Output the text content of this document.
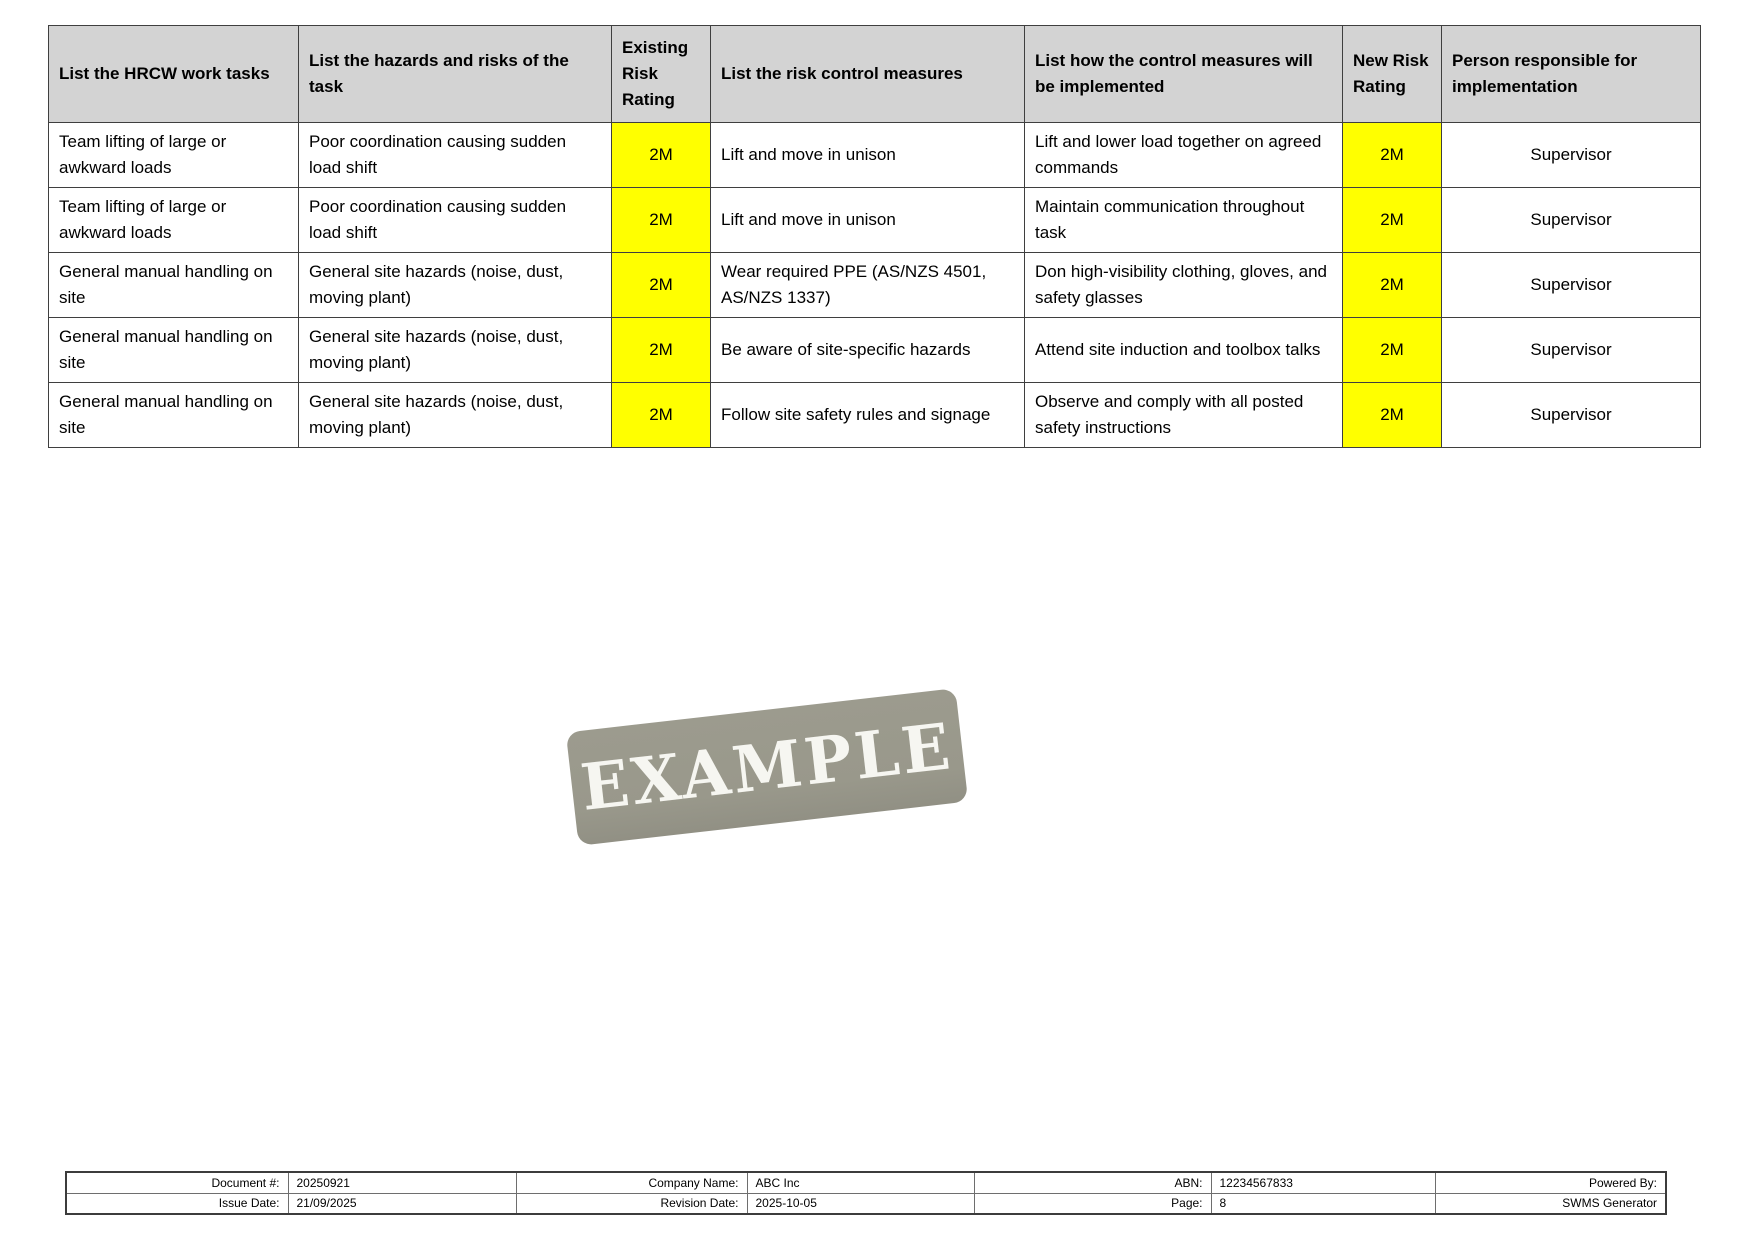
List the HRCW work tasks	List the hazards and risks of the task	Existing Risk Rating	List the risk control measures	List how the control measures will be implemented	New Risk Rating	Person responsible for implementation
Team lifting of large or awkward loads	Poor coordination causing sudden load shift	2M	Lift and move in unison	Lift and lower load together on agreed commands	2M	Supervisor
Team lifting of large or awkward loads	Poor coordination causing sudden load shift	2M	Lift and move in unison	Maintain communication throughout task	2M	Supervisor
General manual handling on site	General site hazards (noise, dust, moving plant)	2M	Wear required PPE (AS/NZS 4501, AS/NZS 1337)	Don high-visibility clothing, gloves, and safety glasses	2M	Supervisor
General manual handling on site	General site hazards (noise, dust, moving plant)	2M	Be aware of site-specific hazards	Attend site induction and toolbox talks	2M	Supervisor
General manual handling on site	General site hazards (noise, dust, moving plant)	2M	Follow site safety rules and signage	Observe and comply with all posted safety instructions	2M	Supervisor
EXAMPLE
Document #:	20250921	Company Name:	ABC Inc	ABN:	12234567833	Powered By:
Issue Date:	21/09/2025	Revision Date:	2025-10-05	Page:	8	SWMS Generator
